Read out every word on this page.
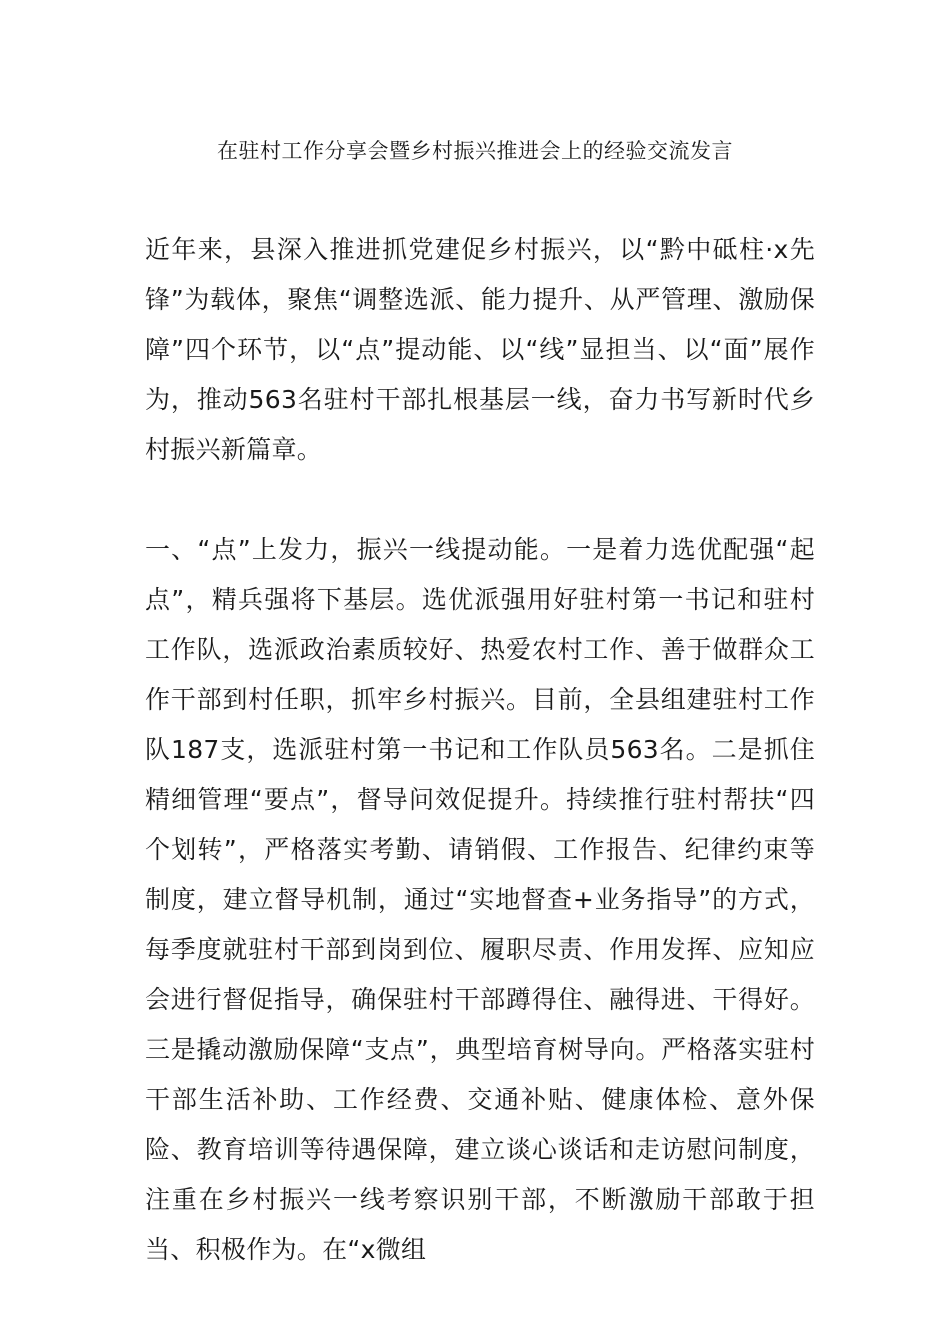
在驻村工作分享会暨乡村振兴推进会上的经验交流发言

近年来，县深入推进抓党建促乡村振兴，以“黔中砥柱·x先锋”为载体，聚焦“调整选派、能力提升、从严管理、激励保障”四个环节，以“点”提动能、以“线”显担当、以“面”展作为，推动563名驻村干部扎根基层一线，奋力书写新时代乡村振兴新篇章。

一、“点”上发力，振兴一线提动能。一是着力选优配强“起点”，精兵强将下基层。选优派强用好驻村第一书记和驻村工作队，选派政治素质较好、热爱农村工作、善于做群众工作干部到村任职，抓牢乡村振兴。目前，全县组建驻村工作队187支，选派驻村第一书记和工作队员563名。二是抓住精细管理“要点”，督导问效促提升。持续推行驻村帮扶“四个划转”，严格落实考勤、请销假、工作报告、纪律约束等制度，建立督导机制，通过“实地督查+业务指导”的方式，每季度就驻村干部到岗到位、履职尽责、作用发挥、应知应会进行督促指导，确保驻村干部蹲得住、融得进、干得好。三是撬动激励保障“支点”，典型培育树导向。严格落实驻村干部生活补助、工作经费、交通补贴、健康体检、意外保险、教育培训等待遇保障，建立谈心谈话和走访慰问制度，注重在乡村振兴一线考察识别干部，不断激励干部敢于担当、积极作为。在“x微组
